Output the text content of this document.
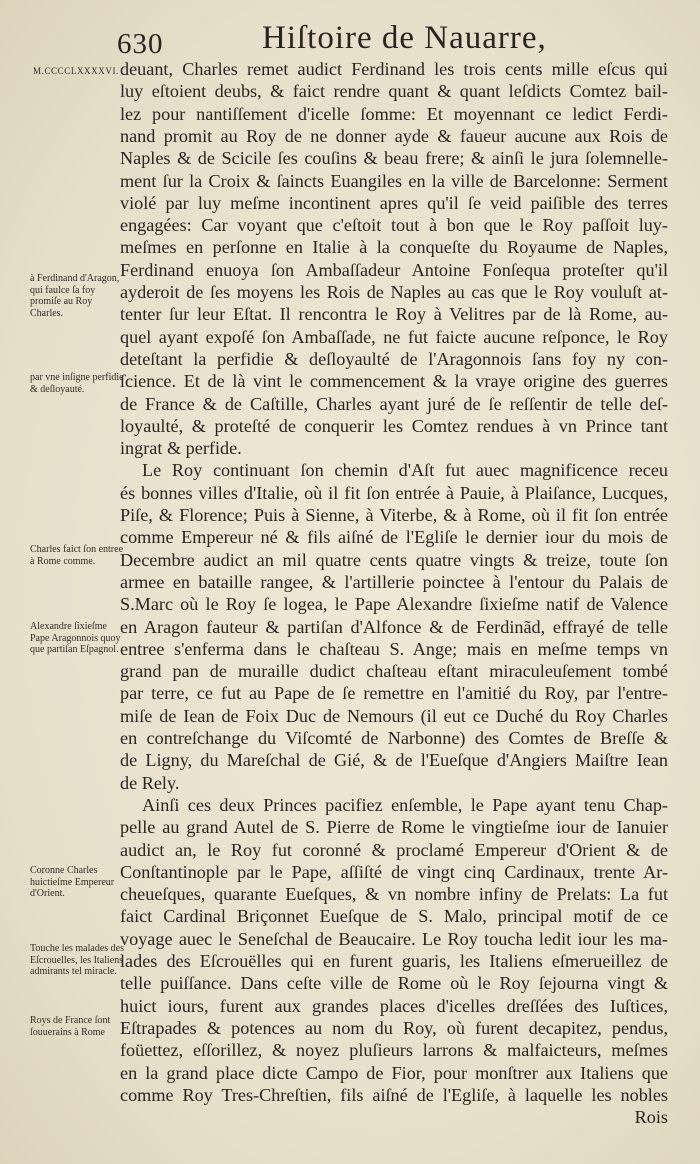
630	Hiſtoire de Nauarre,
M.CCCCLXXXXVI.
à Ferdinand d'Aragon, qui faulce ſa foy promiſe au Roy Charles.
par vne inſigne perfidie & deſloyauté.
Charles faict ſon entree à Rome comme.
Alexandre ſixieſme Pape Aragonnois quoy que partiſan Eſpagnol.
Coronne Charles huictieſme Empereur d'Orient.
Touche les malades des Eſcrouelles, les Italiens admirants tel miracle.
Roys de France ſont ſouuerains à Rome
deuant, Charles remet audict Ferdinand les trois cents mille eſcus qui
luy eſtoient deubs, & faict rendre quant & quant leſdicts Comtez bail-
lez pour nantiſſement d'icelle ſomme: Et moyennant ce ledict Ferdi-
nand promit au Roy de ne donner ayde & faueur aucune aux Rois de
Naples & de Scicile ſes couſins & beau frere; & ainſi le jura ſolemnelle-
ment ſur la Croix & ſaincts Euangiles en la ville de Barcelonne: Serment
violé par luy meſme incontinent apres qu'il ſe veid paiſible des terres
engagées: Car voyant que c'eſtoit tout à bon que le Roy paſſoit luy-
meſmes en perſonne en Italie à la conqueſte du Royaume de Naples,
Ferdinand enuoya ſon Ambaſſadeur Antoine Fonſequa proteſter qu'il
ayderoit de ſes moyens les Rois de Naples au cas que le Roy vouluſt at-
tenter ſur leur Eſtat. Il rencontra le Roy à Velitres par de là Rome, au-
quel ayant expoſé ſon Ambaſſade, ne fut faicte aucune reſponce, le Roy
deteſtant la perfidie & deſloyaulté de l'Aragonnois ſans foy ny con-
ſcience. Et de là vint le commencement & la vraye origine des guerres
de France & de Caſtille, Charles ayant juré de ſe reſſentir de telle deſ-
loyaulté, & proteſté de conquerir les Comtez rendues à vn Prince tant
ingrat & perfide.
Le Roy continuant ſon chemin d'Aſt fut auec magnificence receu
és bonnes villes d'Italie, où il fit ſon entrée à Pauie, à Plaiſance, Lucques,
Piſe, & Florence; Puis à Sienne, à Viterbe, & à Rome, où il fit ſon entrée
comme Empereur né & fils aiſné de l'Egliſe le dernier iour du mois de
Decembre audict an mil quatre cents quatre vingts & treize, toute ſon
armee en bataille rangee, & l'artillerie poinctee à l'entour du Palais de
S.Marc où le Roy ſe logea, le Pape Alexandre ſixieſme natif de Valence
en Aragon fauteur & partiſan d'Alfonce & de Ferdinãd, effrayé de telle
entree s'enferma dans le chaſteau S. Ange; mais en meſme temps vn
grand pan de muraille dudict chaſteau eſtant miraculeuſement tombé
par terre, ce fut au Pape de ſe remettre en l'amitié du Roy, par l'entre-
miſe de Iean de Foix Duc de Nemours (il eut ce Duché du Roy Charles
en contreſchange du Viſcomté de Narbonne) des Comtes de Breſſe &
de Ligny, du Mareſchal de Gié, & de l'Eueſque d'Angiers Maiſtre Iean
de Rely.
Ainſi ces deux Princes pacifiez enſemble, le Pape ayant tenu Chap-
pelle au grand Autel de S. Pierre de Rome le vingtieſme iour de Ianuier
audict an, le Roy fut coronné & proclamé Empereur d'Orient & de
Conſtantinople par le Pape, aſſiſté de vingt cinq Cardinaux, trente Ar-
cheueſques, quarante Eueſques, & vn nombre infiny de Prelats: La fut
faict Cardinal Briçonnet Eueſque de S. Malo, principal motif de ce
voyage auec le Seneſchal de Beaucaire. Le Roy toucha ledit iour les ma-
lades des Eſcrouëlles qui en furent guaris, les Italiens eſmerueillez de
telle puiſſance. Dans ceſte ville de Rome où le Roy ſejourna vingt &
huict iours, furent aux grandes places d'icelles dreſſées des Iuſtices,
Eſtrapades & potences au nom du Roy, où furent decapitez, pendus,
foüettez, eſſorillez, & noyez pluſieurs larrons & malfaicteurs, meſmes
en la grand place dicte Campo de Fior, pour monſtrer aux Italiens que
comme Roy Tres-Chreſtien, fils aiſné de l'Egliſe, à laquelle les nobles
Rois
